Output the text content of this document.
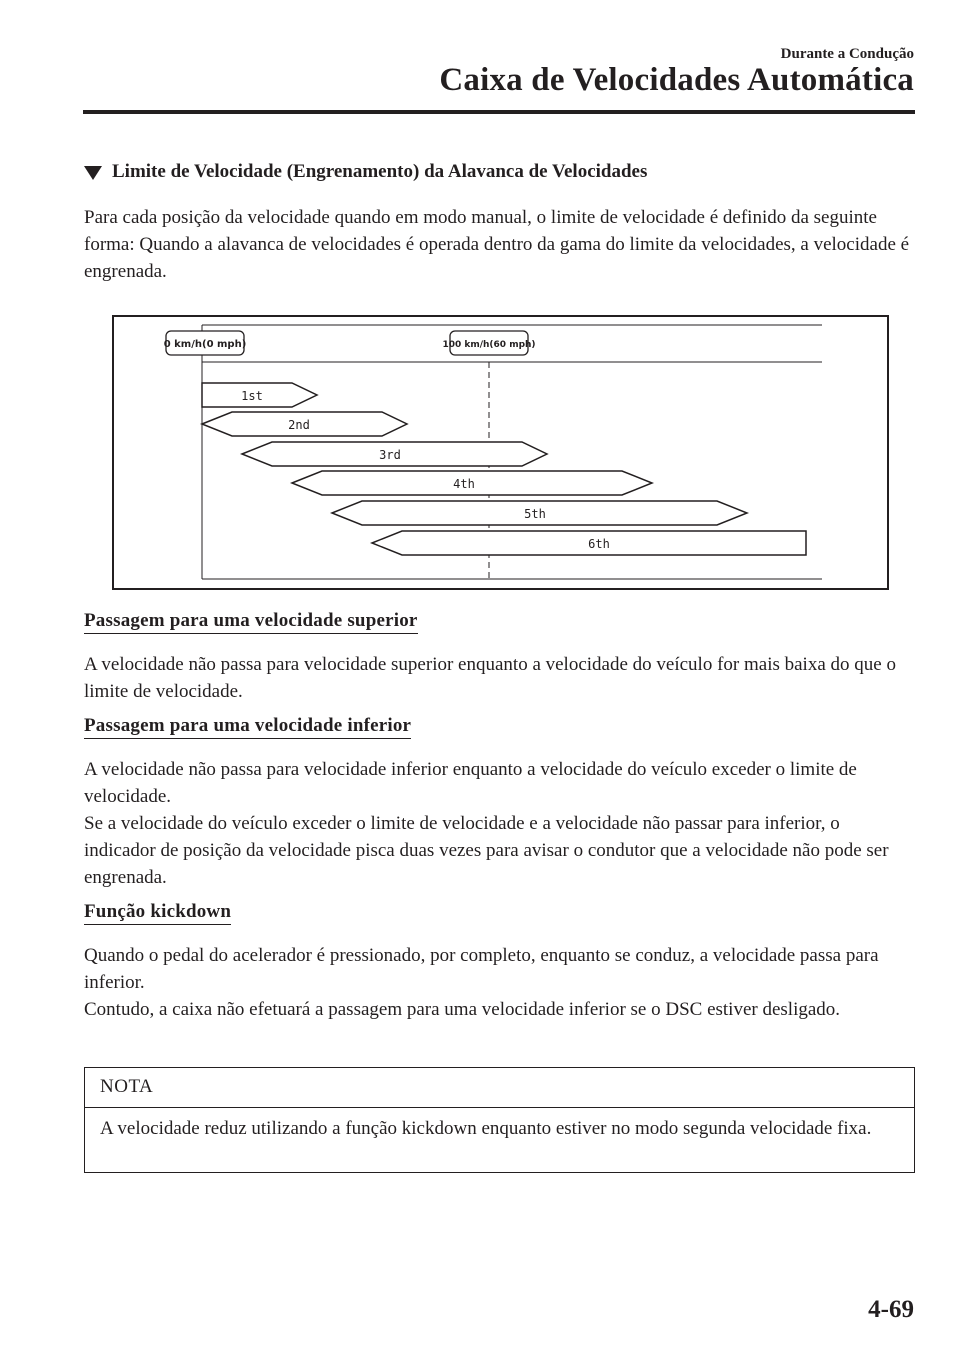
Durante a Condução
Caixa de Velocidades Automática
Limite de Velocidade (Engrenamento) da Alavanca de Velocidades
Para cada posição da velocidade quando em modo manual, o limite de velocidade é definido da seguinte forma: Quando a alavanca de velocidades é operada dentro da gama do limite da velocidades, a velocidade é engrenada.
0 km/h(0 mph)	100 km/h(60 mph)
1st
2nd
3rd
4th
5th
6th
Passagem para uma velocidade superior
A velocidade não passa para velocidade superior enquanto a velocidade do veículo for mais baixa do que o limite de velocidade.
Passagem para uma velocidade inferior
A velocidade não passa para velocidade inferior enquanto a velocidade do veículo exceder o limite de velocidade.
Se a velocidade do veículo exceder o limite de velocidade e a velocidade não passar para inferior, o indicador de posição da velocidade pisca duas vezes para avisar o condutor que a velocidade não pode ser engrenada.
Função kickdown
Quando o pedal do acelerador é pressionado, por completo, enquanto se conduz, a velocidade passa para inferior.
Contudo, a caixa não efetuará a passagem para uma velocidade inferior se o DSC estiver desligado.
NOTA
A velocidade reduz utilizando a função kickdown enquanto estiver no modo segunda velocidade fixa.
4-69
carmanualsonline.info
